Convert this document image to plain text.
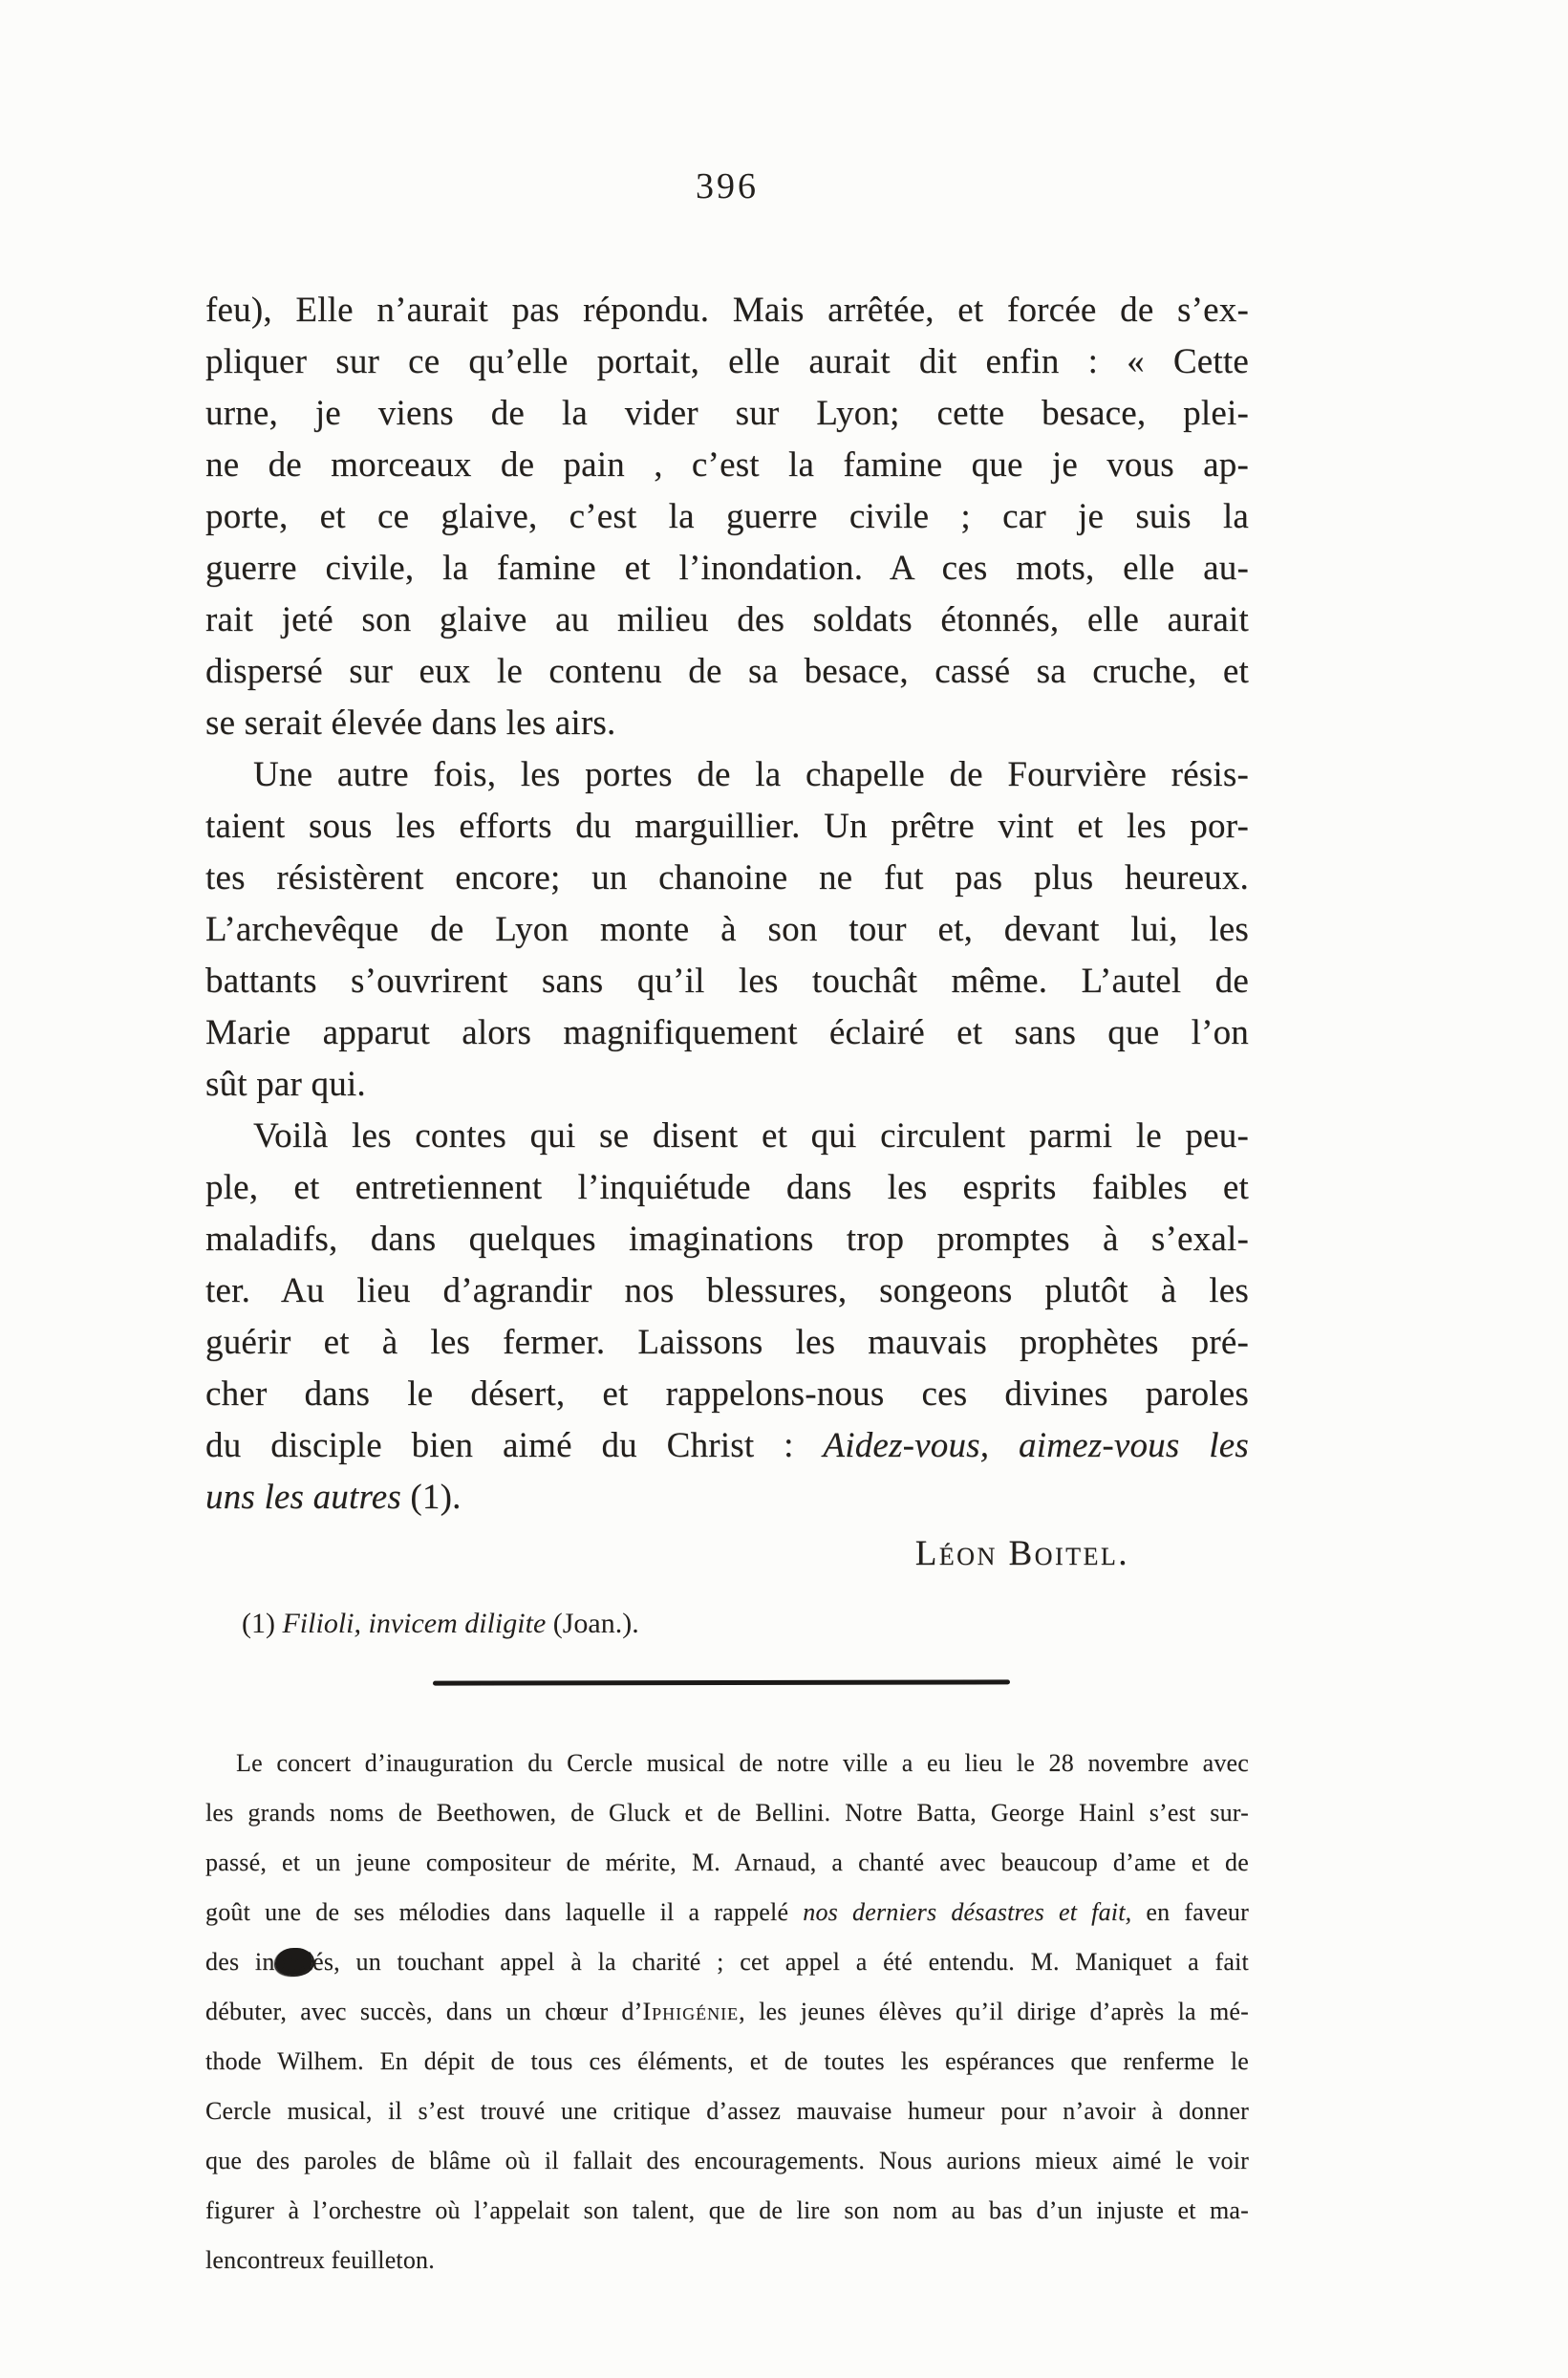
396
feu), Elle n’aurait pas répondu. Mais arrêtée, et forcée de s’ex-
pliquer sur ce qu’elle portait, elle aurait dit enfin : « Cette
urne, je viens de la vider sur Lyon; cette besace, plei-
ne de morceaux de pain , c’est la famine que je vous ap-
porte, et ce glaive, c’est la guerre civile ; car je suis la
guerre civile, la famine et l’inondation. A ces mots, elle au-
rait jeté son glaive au milieu des soldats étonnés, elle aurait
dispersé sur eux le contenu de sa besace, cassé sa cruche, et
se serait élevée dans les airs.
Une autre fois, les portes de la chapelle de Fourvière résis-
taient sous les efforts du marguillier. Un prêtre vint et les por-
tes résistèrent encore; un chanoine ne fut pas plus heureux.
L’archevêque de Lyon monte à son tour et, devant lui, les
battants s’ouvrirent sans qu’il les touchât même. L’autel de
Marie apparut alors magnifiquement éclairé et sans que l’on
sût par qui.
Voilà les contes qui se disent et qui circulent parmi le peu-
ple, et entretiennent l’inquiétude dans les esprits faibles et
maladifs, dans quelques imaginations trop promptes à s’exal-
ter. Au lieu d’agrandir nos blessures, songeons plutôt à les
guérir et à les fermer. Laissons les mauvais prophètes pré-
cher dans le désert, et rappelons-nous ces divines paroles
du disciple bien aimé du Christ : Aidez-vous, aimez-vous les
uns les autres (1).
Léon Boitel.
(1) Filioli, invicem diligite (Joan.).
Le concert d’inauguration du Cercle musical de notre ville a eu lieu le 28 novembre avec
les grands noms de Beethowen, de Gluck et de Bellini. Notre Batta, George Hainl s’est sur-
passé, et un jeune compositeur de mérite, M. Arnaud, a chanté avec beaucoup d’ame et de
goût une de ses mélodies dans laquelle il a rappelé nos derniers désastres et fait, en faveur
des inondés, un touchant appel à la charité ; cet appel a été entendu. M. Maniquet a fait
débuter, avec succès, dans un chœur d’Iphigénie, les jeunes élèves qu’il dirige d’après la mé-
thode Wilhem. En dépit de tous ces éléments, et de toutes les espérances que renferme le
Cercle musical, il s’est trouvé une critique d’assez mauvaise humeur pour n’avoir à donner
que des paroles de blâme où il fallait des encouragements. Nous aurions mieux aimé le voir
figurer à l’orchestre où l’appelait son talent, que de lire son nom au bas d’un injuste et ma-
lencontreux feuilleton.
